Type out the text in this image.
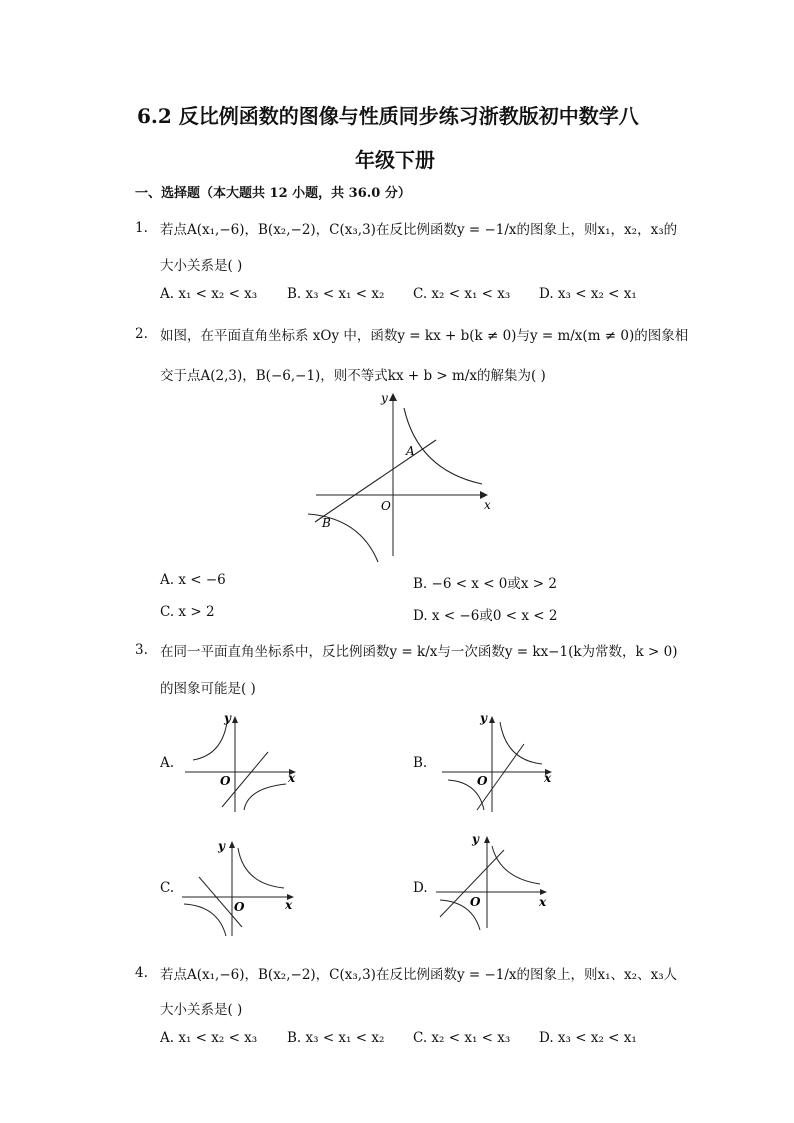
6.2 反比例函数的图像与性质同步练习浙教版初中数学八
年级下册
一、选择题（本大题共 12 小题，共 36.0 分）
1. 若点A(x₁,−6)，B(x₂,−2)，C(x₃,3)在反比例函数y = −1/x的图象上，则x₁，x₂，x₃的
大小关系是( )
A. x₁ < x₂ < x₃ B. x₃ < x₁ < x₂ C. x₂ < x₁ < x₃ D. x₃ < x₂ < x₁
2. 如图，在平面直角坐标系 xOy 中，函数y = kx + b(k ≠ 0)与y = m/x(m ≠ 0)的图象相
交于点A(2,3)，B(−6,−1)，则不等式kx + b > m/x的解集为( )
y
x
O
A
B
A. x < −6	B. −6 < x < 0或x > 2
C. x > 2	D. x < −6或0 < x < 2
3. 在同一平面直角坐标系中，反比例函数y = k/x与一次函数y = kx−1(k为常数，k > 0)
的图象可能是( )
A.	B.
C.	D.
y
x
O
y
x
O
y
x
O
y
x
O
4. 若点A(x₁,−6)，B(x₂,−2)，C(x₃,3)在反比例函数y = −1/x的图象上，则x₁、x₂、x₃人
大小关系是( )
A. x₁ < x₂ < x₃ B. x₃ < x₁ < x₂ C. x₂ < x₁ < x₃ D. x₃ < x₂ < x₁
